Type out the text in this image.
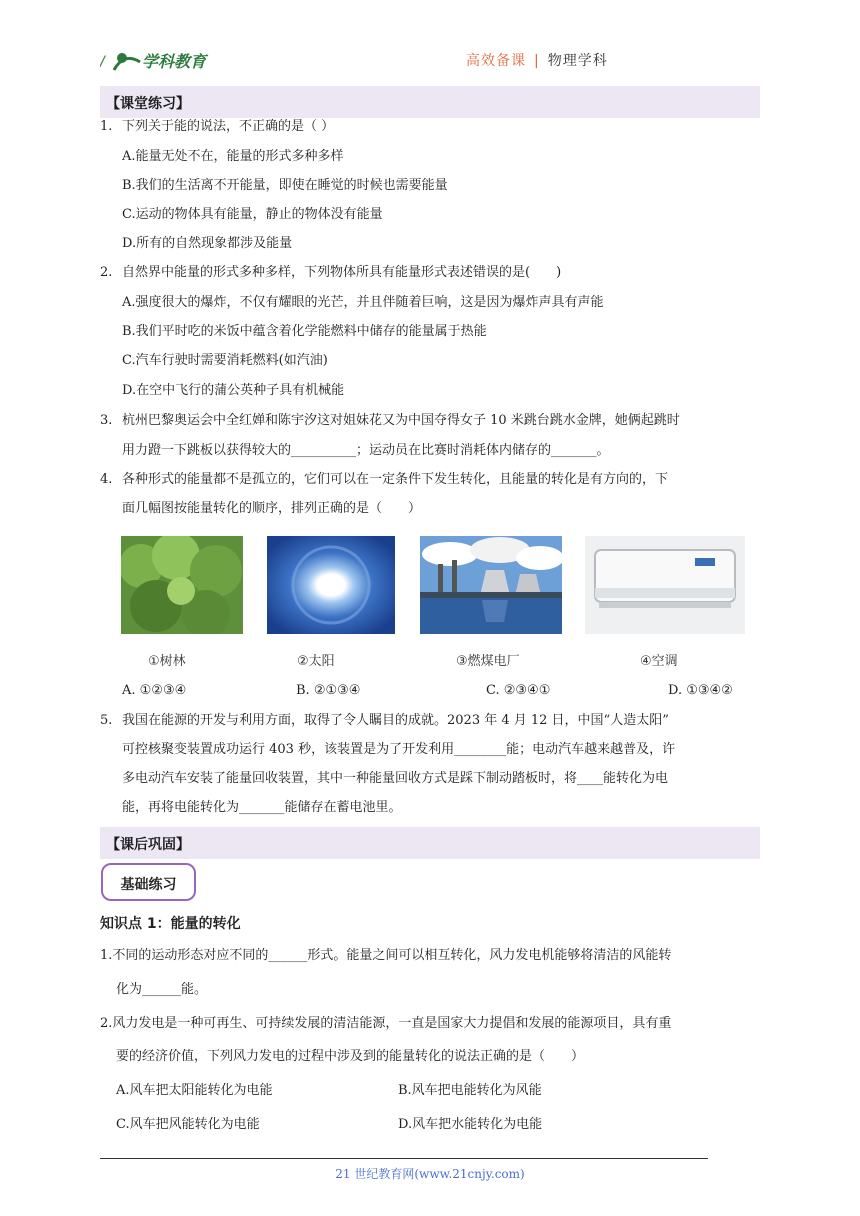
/ 学科教育	高效备课 | 物理学科
【课堂练习】
1. 下列关于能的说法，不正确的是（ ）
A.能量无处不在，能量的形式多种多样
B.我们的生活离不开能量，即使在睡觉的时候也需要能量
C.运动的物体具有能量，静止的物体没有能量
D.所有的自然现象都涉及能量
2. 自然界中能量的形式多种多样，下列物体所具有能量形式表述错误的是(　　)
A.强度很大的爆炸，不仅有耀眼的光芒，并且伴随着巨响，这是因为爆炸声具有声能
B.我们平时吃的米饭中蕴含着化学能燃料中储存的能量属于热能
C.汽车行驶时需要消耗燃料(如汽油)
D.在空中飞行的蒲公英种子具有机械能
3. 杭州巴黎奥运会中全红婵和陈宇汐这对姐妹花又为中国夺得女子 10 米跳台跳水金牌，她俩起跳时
用力蹬一下跳板以获得较大的__________；运动员在比赛时消耗体内储存的_______。
4. 各种形式的能量都不是孤立的，它们可以在一定条件下发生转化，且能量的转化是有方向的，下
面几幅图按能量转化的顺序，排列正确的是（　　）
①树林	②太阳	③燃煤电厂	④空调
A. ①②③④	B. ②①③④	C. ②③④①	D. ①③④②
5. 我国在能源的开发与利用方面，取得了令人瞩目的成就。2023 年 4 月 12 日，中国“人造太阳”
可控核聚变装置成功运行 403 秒，该装置是为了开发利用________能；电动汽车越来越普及，许
多电动汽车安装了能量回收装置，其中一种能量回收方式是踩下制动踏板时，将____能转化为电
能，再将电能转化为_______能储存在蓄电池里。
【课后巩固】
基础练习
知识点 1：能量的转化
1.不同的运动形态对应不同的______形式。能量之间可以相互转化，风力发电机能够将清洁的风能转
化为______能。
2.风力发电是一种可再生、可持续发展的清洁能源，一直是国家大力提倡和发展的能源项目，具有重
要的经济价值，下列风力发电的过程中涉及到的能量转化的说法正确的是（　　）
A.风车把太阳能转化为电能	B.风车把电能转化为风能
C.风车把风能转化为电能	D.风车把水能转化为电能
21 世纪教育网(www.21cnjy.com)
